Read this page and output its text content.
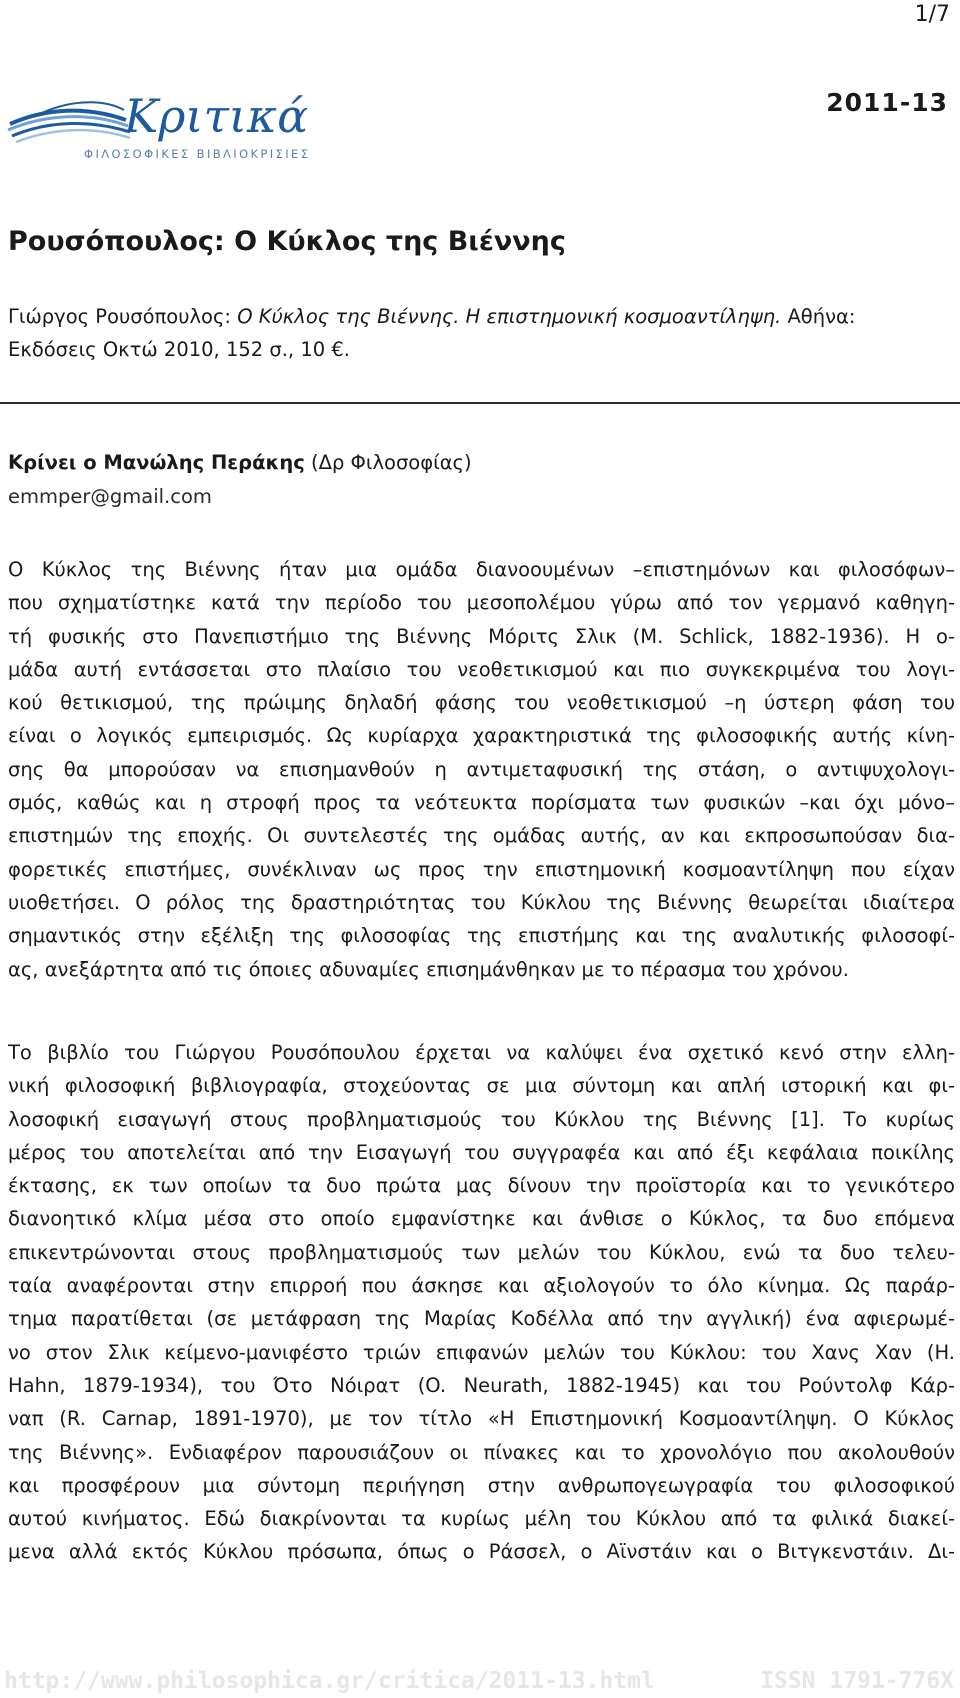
1/7
Κριτικά
ΦΙΛΟΣΟΦΙΚΕΣ ΒΙΒΛΙΟΚΡΙΣΙΕΣ
2011-13
Ρουσόπουλος: Ο Κύκλος της Βιέννης
Γιώργος Ρουσόπουλος: Ο Κύκλος της Βιέννης. Η επιστημονική κοσμοαντίληψη. Αθήνα:
Εκδόσεις Οκτώ 2010, 152 σ., 10 €.
Κρίνει ο Μανώλης Περάκης (Δρ Φιλοσοφίας)
emmper@gmail.com
Ο Κύκλος της Βιέννης ήταν μια ομάδα διανοουμένων –επιστημόνων και φιλοσόφων–
που σχηματίστηκε κατά την περίοδο του μεσοπολέμου γύρω από τον γερμανό καθηγη-
τή φυσικής στο Πανεπιστήμιο της Βιέννης Μόριτς Σλικ (M. Schlick, 1882-1936). Η ο-
μάδα αυτή εντάσσεται στο πλαίσιο του νεοθετικισμού και πιο συγκεκριμένα του λογι-
κού θετικισμού, της πρώιμης δηλαδή φάσης του νεοθετικισμού –η ύστερη φάση του
είναι ο λογικός εμπειρισμός. Ως κυρίαρχα χαρακτηριστικά της φιλοσοφικής αυτής κίνη-
σης θα μπορούσαν να επισημανθούν η αντιμεταφυσική της στάση, ο αντιψυχολογι-
σμός, καθώς και η στροφή προς τα νεότευκτα πορίσματα των φυσικών –και όχι μόνο–
επιστημών της εποχής. Οι συντελεστές της ομάδας αυτής, αν και εκπροσωπούσαν δια-
φορετικές επιστήμες, συνέκλιναν ως προς την επιστημονική κοσμοαντίληψη που είχαν
υιοθετήσει. Ο ρόλος της δραστηριότητας του Κύκλου της Βιέννης θεωρείται ιδιαίτερα
σημαντικός στην εξέλιξη της φιλοσοφίας της επιστήμης και της αναλυτικής φιλοσοφί-
ας, ανεξάρτητα από τις όποιες αδυναμίες επισημάνθηκαν με το πέρασμα του χρόνου.
Το βιβλίο του Γιώργου Ρουσόπουλου έρχεται να καλύψει ένα σχετικό κενό στην ελλη-
νική φιλοσοφική βιβλιογραφία, στοχεύοντας σε μια σύντομη και απλή ιστορική και φι-
λοσοφική εισαγωγή στους προβληματισμούς του Κύκλου της Βιέννης [1]. Το κυρίως
μέρος του αποτελείται από την Εισαγωγή του συγγραφέα και από έξι κεφάλαια ποικίλης
έκτασης, εκ των οποίων τα δυο πρώτα μας δίνουν την προϊστορία και το γενικότερο
διανοητικό κλίμα μέσα στο οποίο εμφανίστηκε και άνθισε ο Κύκλος, τα δυο επόμενα
επικεντρώνονται στους προβληματισμούς των μελών του Κύκλου, ενώ τα δυο τελευ-
ταία αναφέρονται στην επιρροή που άσκησε και αξιολογούν το όλο κίνημα. Ως παράρ-
τημα παρατίθεται (σε μετάφραση της Μαρίας Κοδέλλα από την αγγλική) ένα αφιερωμέ-
νο στον Σλικ κείμενο-μανιφέστο τριών επιφανών μελών του Κύκλου: του Χανς Χαν (H.
Hahn, 1879-1934), του Ότο Νόιρατ (O. Neurath, 1882-1945) και του Ρούντολφ Κάρ-
ναπ (R. Carnap, 1891-1970), με τον τίτλο «Η Επιστημονική Κοσμοαντίληψη. Ο Κύκλος
της Βιέννης». Ενδιαφέρον παρουσιάζουν οι πίνακες και το χρονολόγιο που ακολουθούν
και προσφέρουν μια σύντομη περιήγηση στην ανθρωπογεωγραφία του φιλοσοφικού
αυτού κινήματος. Εδώ διακρίνονται τα κυρίως μέλη του Κύκλου από τα φιλικά διακεί-
μενα αλλά εκτός Κύκλου πρόσωπα, όπως ο Ράσσελ, ο Αϊνστάιν και ο Βιτγκενστάιν. Δι-
http://www.philosophica.gr/critica/2011-13.html	ISSN 1791-776X
